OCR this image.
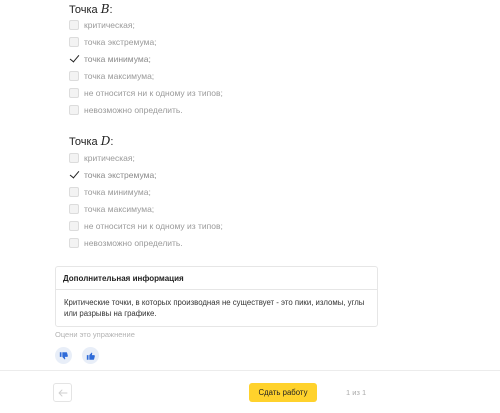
Точка B:
критическая;
точка экстремума;
точка минимума;
точка максимума;
не относится ни к одному из типов;
невозможно определить.
Точка D:
критическая;
точка экстремума;
точка минимума;
точка максимума;
не относится ни к одному из типов;
невозможно определить.
Дополнительная информация
Критические точки, в которых производная не существует - это пики, изломы, углы
или разрывы на графике.
Оцени это упражнение
Сдать работу	1 из 1
